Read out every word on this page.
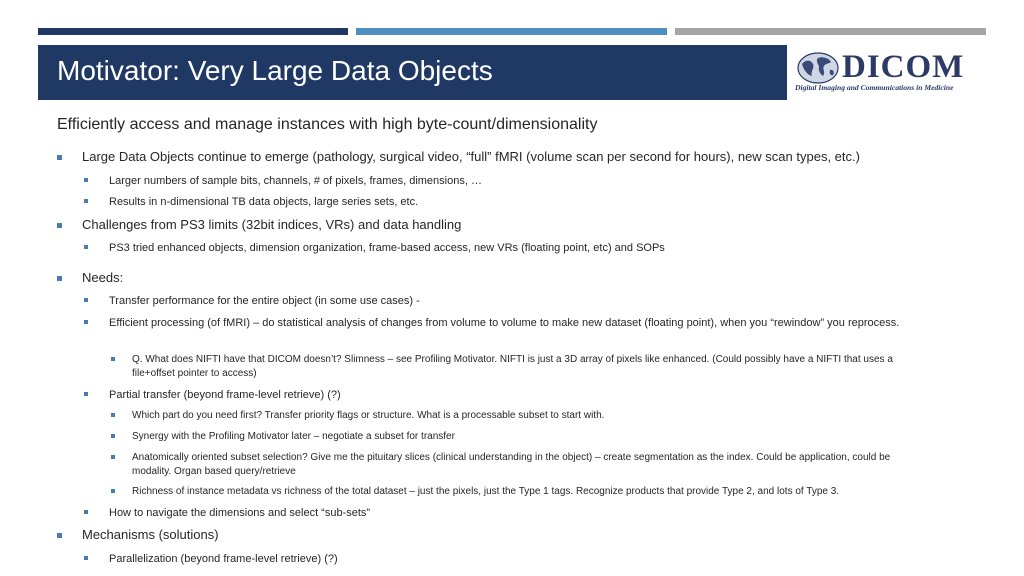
Motivator: Very Large Data Objects	DICOM
Digital Imaging and Communications in Medicine
Efficiently access and manage instances with high byte-count/dimensionality
Large Data Objects continue to emerge (pathology, surgical video, “full” fMRI (volume scan per second for hours), new scan types, etc.)
Larger numbers of sample bits, channels, # of pixels, frames, dimensions, …
Results in n-dimensional TB data objects, large series sets, etc.
Challenges from PS3 limits (32bit indices, VRs) and data handling
PS3 tried enhanced objects, dimension organization, frame-based access, new VRs (floating point, etc) and SOPs
Needs:
Transfer performance for the entire object (in some use cases) -
Efficient processing (of fMRI) – do statistical analysis of changes from volume to volume to make new dataset (floating point), when you “rewindow” you reprocess.
Q. What does NIFTI have that DICOM doesn’t? Slimness – see Profiling Motivator. NIFTI is just a 3D array of pixels like enhanced. (Could possibly have a NIFTI that uses a file+offset pointer to access)
Partial transfer (beyond frame-level retrieve) (?)
Which part do you need first? Transfer priority flags or structure. What is a processable subset to start with.
Synergy with the Profiling Motivator later – negotiate a subset for transfer
Anatomically oriented subset selection? Give me the pituitary slices (clinical understanding in the object) – create segmentation as the index. Could be application, could be modality. Organ based query/retrieve
Richness of instance metadata vs richness of the total dataset – just the pixels, just the Type 1 tags. Recognize products that provide Type 2, and lots of Type 3.
How to navigate the dimensions and select “sub-sets”
Mechanisms (solutions)
Parallelization (beyond frame-level retrieve) (?)
